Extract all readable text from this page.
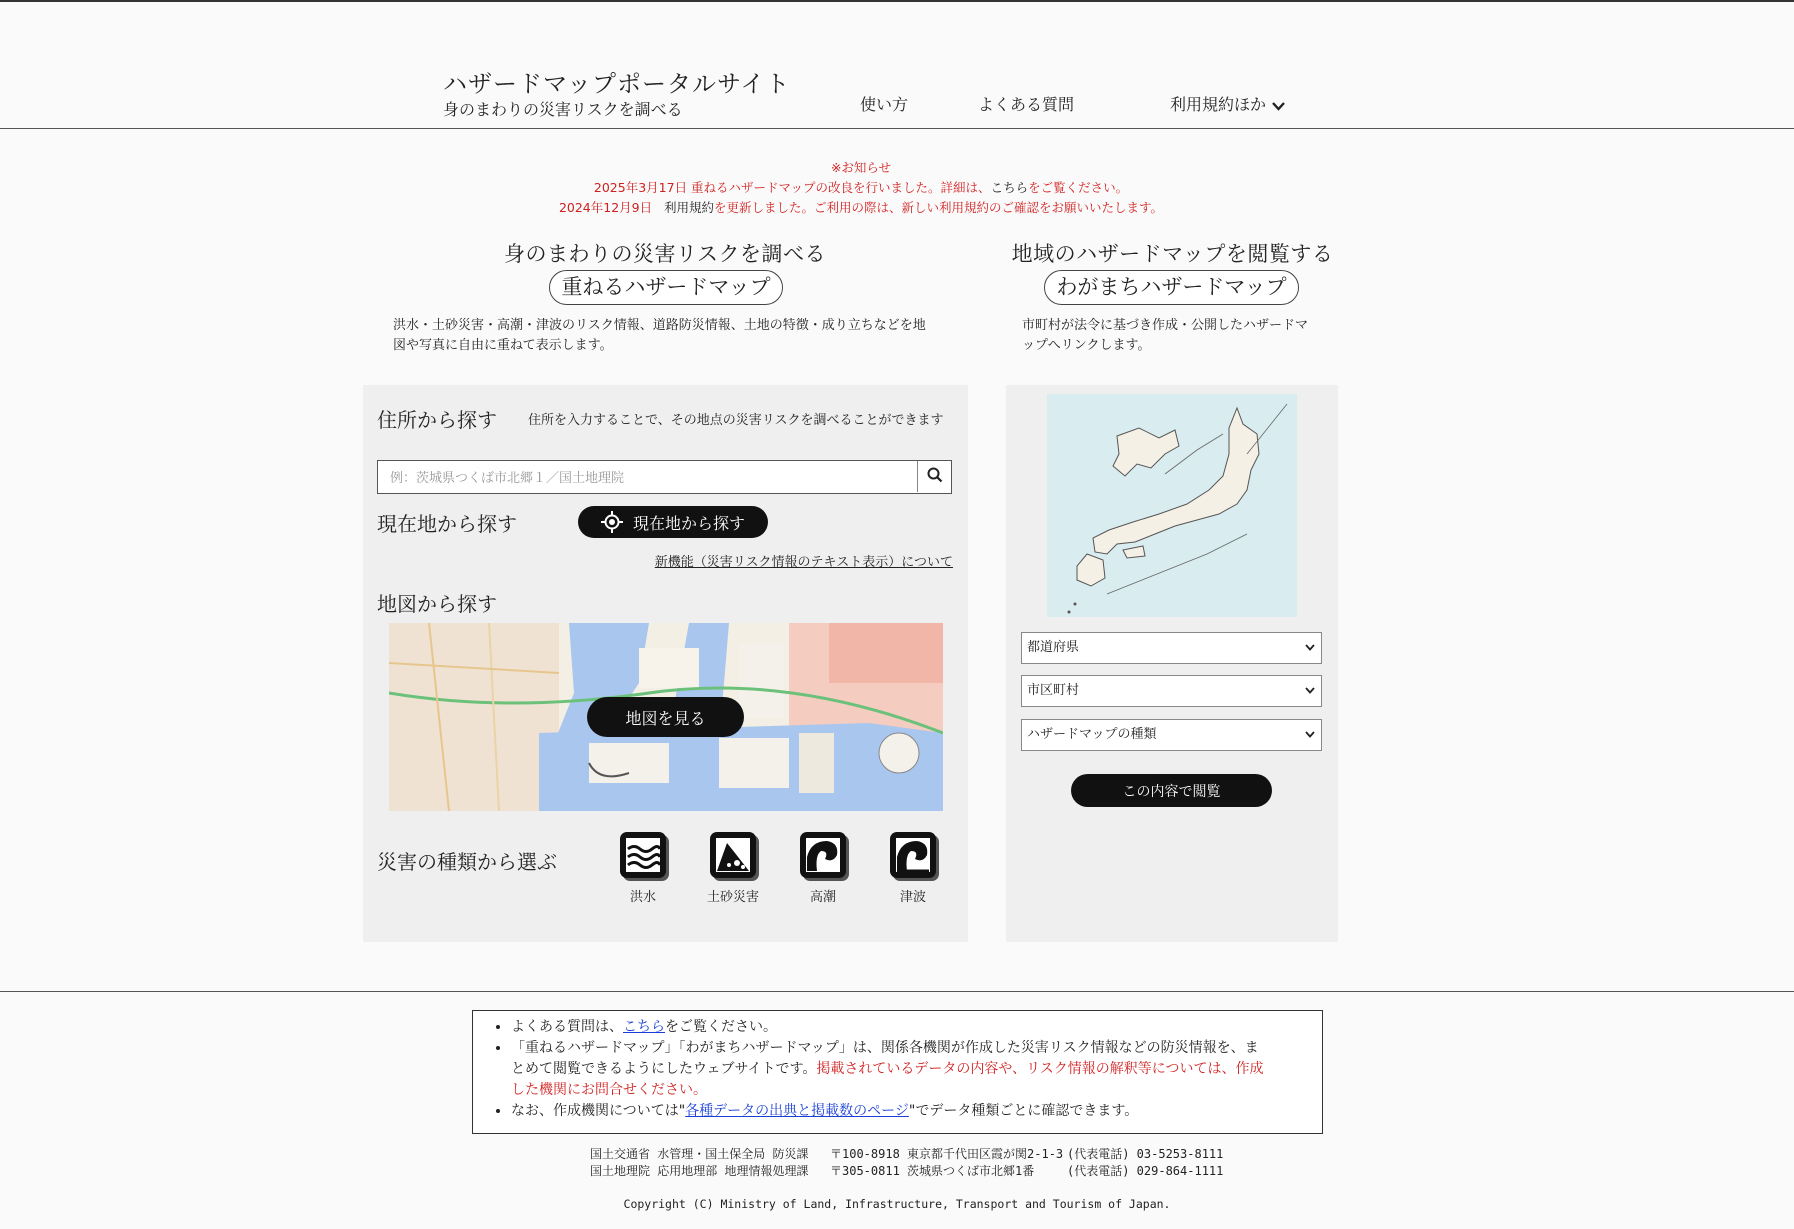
ハザードマップポータルサイト
身のまわりの災害リスクを調べる	使い方	よくある質問	利用規約ほか
※お知らせ
2025年3月17日 重ねるハザードマップの改良を行いました。詳細は、こちらをご覧ください。
2024年12月9日 利用規約を更新しました。ご利用の際は、新しい利用規約のご確認をお願いいたします。
身のまわりの災害リスクを調べる
重ねるハザードマップ
洪水・土砂災害・高潮・津波のリスク情報、道路防災情報、土地の特徴・成り立ちなどを地
図や写真に自由に重ねて表示します。
地域のハザードマップを閲覧する
わがまちハザードマップ
市町村が法令に基づき作成・公開したハザードマ
ップへリンクします。
住所から探す 住所を入力することで、その地点の災害リスクを調べることができます
例：茨城県つくば市北郷１／国土地理院
現在地から探す	現在地から探す
新機能（災害リスク情報のテキスト表示）について
地図から探す
地図を見る
災害の種類から選ぶ
洪水	土砂災害	高潮	津波
都道府県
市区町村
ハザードマップの種類
この内容で閲覧
• よくある質問は、こちらをご覧ください。
• 「重ねるハザードマップ」「わがまちハザードマップ」は、関係各機関が作成した災害リスク情報などの防災情報を、ま
とめて閲覧できるようにしたウェブサイトです。掲載されているデータの内容や、リスク情報の解釈等については、作成
した機関にお問合せください。
• なお、作成機関については"各種データの出典と掲載数のページ"でデータ種類ごとに確認できます。
国土交通省 水管理・国土保全局 防災課 〒100-8918 東京都千代田区霞が関2-1-3 (代表電話) 03-5253-8111
国土地理院 応用地理部 地理情報処理課 〒305-0811 茨城県つくば市北郷1番	(代表電話) 029-864-1111
Copyright (C) Ministry of Land, Infrastructure, Transport and Tourism of Japan.
